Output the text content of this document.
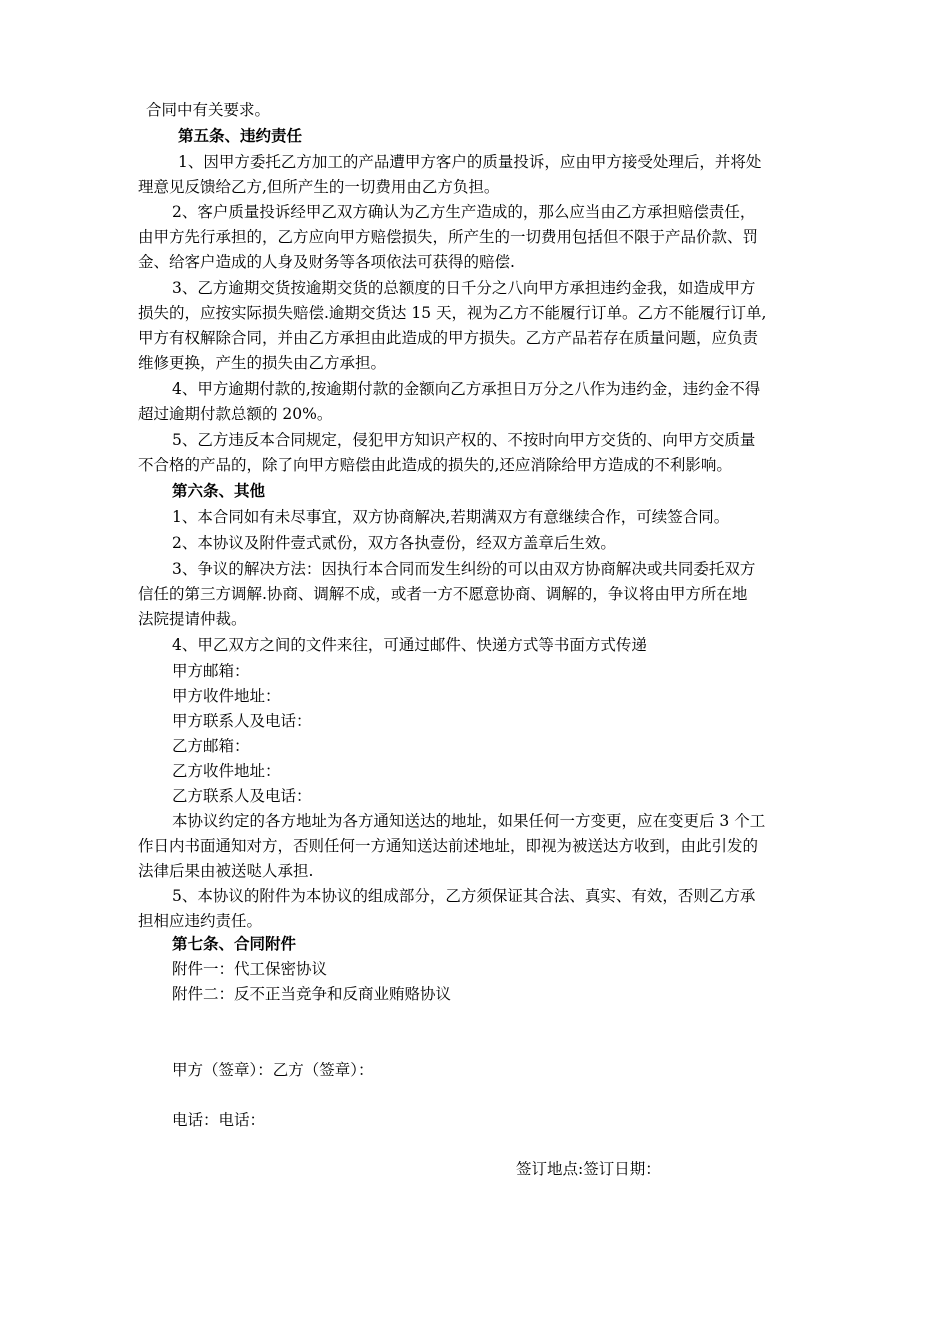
合同中有关要求。
第五条、违约责任
1、因甲方委托乙方加工的产品遭甲方客户的质量投诉，应由甲方接受处理后，并将处
理意见反馈给乙方,但所产生的一切费用由乙方负担。
2、客户质量投诉经甲乙双方确认为乙方生产造成的，那么应当由乙方承担赔偿责任，
由甲方先行承担的，乙方应向甲方赔偿损失，所产生的一切费用包括但不限于产品价款、罚
金、给客户造成的人身及财务等各项依法可获得的赔偿.
3、乙方逾期交货按逾期交货的总额度的日千分之八向甲方承担违约金我，如造成甲方
损失的，应按实际损失赔偿.逾期交货达 15 天，视为乙方不能履行订单。乙方不能履行订单,
甲方有权解除合同，并由乙方承担由此造成的甲方损失。乙方产品若存在质量问题，应负责
维修更换，产生的损失由乙方承担。
4、甲方逾期付款的,按逾期付款的金额向乙方承担日万分之八作为违约金，违约金不得
超过逾期付款总额的 20%。
5、乙方违反本合同规定，侵犯甲方知识产权的、不按时向甲方交货的、向甲方交质量
不合格的产品的，除了向甲方赔偿由此造成的损失的,还应消除给甲方造成的不利影响。
第六条、其他
1、本合同如有未尽事宜，双方协商解决,若期满双方有意继续合作，可续签合同。
2、本协议及附件壹式贰份，双方各执壹份，经双方盖章后生效。
3、争议的解决方法：因执行本合同而发生纠纷的可以由双方协商解决或共同委托双方
信任的第三方调解.协商、调解不成，或者一方不愿意协商、调解的，争议将由甲方所在地
法院提请仲裁。
4、甲乙双方之间的文件来往，可通过邮件、快递方式等书面方式传递
甲方邮箱：
甲方收件地址：
甲方联系人及电话：
乙方邮箱：
乙方收件地址：
乙方联系人及电话：
本协议约定的各方地址为各方通知送达的地址，如果任何一方变更，应在变更后 3 个工
作日内书面通知对方，否则任何一方通知送达前述地址，即视为被送达方收到，由此引发的
法律后果由被送哒人承担.
5、本协议的附件为本协议的组成部分，乙方须保证其合法、真实、有效，否则乙方承
担相应违约责任。
第七条、合同附件
附件一：代工保密协议
附件二：反不正当竞争和反商业贿赂协议
甲方（签章）：乙方（签章）：
电话：电话：
签订地点:签订日期：
